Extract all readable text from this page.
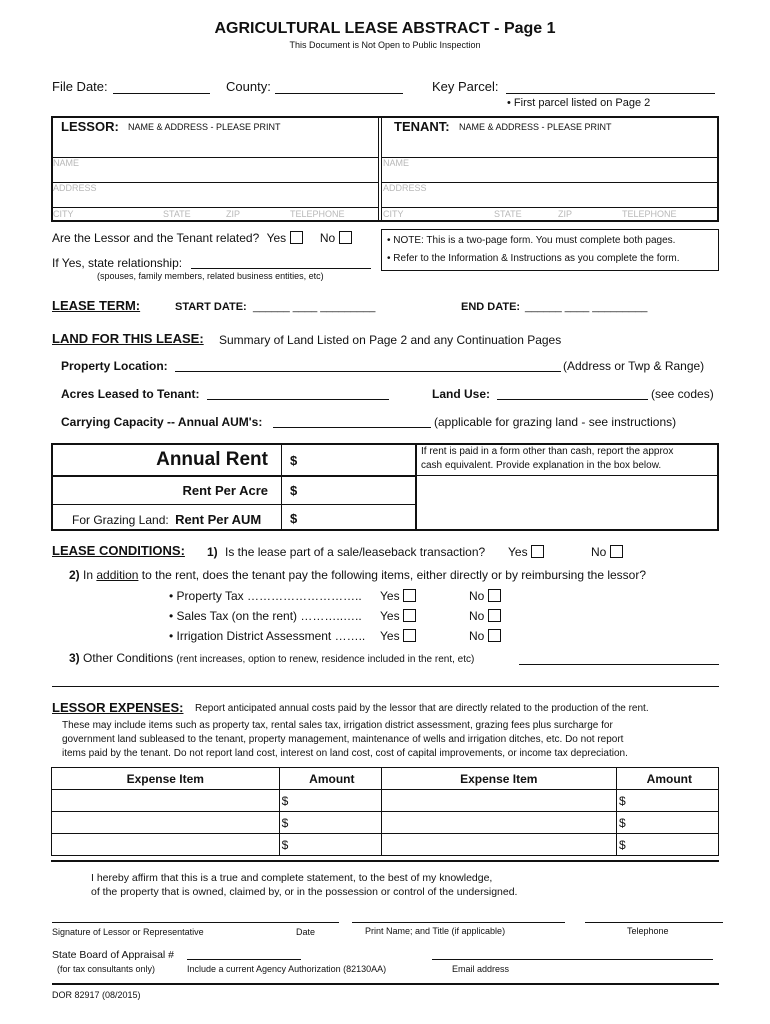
AGRICULTURAL LEASE ABSTRACT - Page 1
This Document is Not Open to Public Inspection
File Date:	County:	Key Parcel:
• First parcel listed on Page 2
LESSOR: NAME & ADDRESS - PLEASE PRINT
NAME
ADDRESS
CITY	STATE	ZIP	TELEPHONE
TENANT: NAME & ADDRESS - PLEASE PRINT
NAME
ADDRESS
CITY	STATE	ZIP	TELEPHONE
Are the Lessor and the Tenant related? Yes	No
If Yes, state relationship:
(spouses, family members, related business entities, etc)
• NOTE: This is a two-page form. You must complete both pages.
• Refer to the Information & Instructions as you complete the form.
LEASE TERM:	START DATE: ______ ____ _________	END DATE: ______ ____ _________
LAND FOR THIS LEASE: Summary of Land Listed on Page 2 and any Continuation Pages
Property Location:	(Address or Twp & Range)
Acres Leased to Tenant:	Land Use:	(see codes)
Carrying Capacity -- Annual AUM's:	(applicable for grazing land - see instructions)
Annual Rent $
Rent Per Acre $
For Grazing Land: Rent Per AUM $
If rent is paid in a form other than cash, report the approx
cash equivalent. Provide explanation in the box below.
LEASE CONDITIONS: 1) Is the lease part of a sale/leaseback transaction? Yes	No
2) In addition to the rent, does the tenant pay the following items, either directly or by reimbursing the lessor?
• Property Tax ……………………….. Yes	No
• Sales Tax (on the rent) ………..….. Yes	No
• Irrigation District Assessment …….. Yes	No
3) Other Conditions (rent increases, option to renew, residence included in the rent, etc)
LESSOR EXPENSES: Report anticipated annual costs paid by the lessor that are directly related to the production of the rent.
These may include items such as property tax, rental sales tax, irrigation district assessment, grazing fees plus surcharge for
government land subleased to the tenant, property management, maintenance of wells and irrigation ditches, etc. Do not report
items paid by the tenant. Do not report land cost, interest on land cost, cost of capital improvements, or income tax depreciation.
Expense Item	Amount	Expense Item	Amount
	$		$
	$		$
	$		$
I hereby affirm that this is a true and complete statement, to the best of my knowledge,
of the property that is owned, claimed by, or in the possession or control of the undersigned.
Signature of Lessor or Representative	Date	Print Name; and Title (if applicable)	Telephone
State Board of Appraisal #
(for tax consultants only)	Include a current Agency Authorization (82130AA)	Email address
DOR 82917 (08/2015)
